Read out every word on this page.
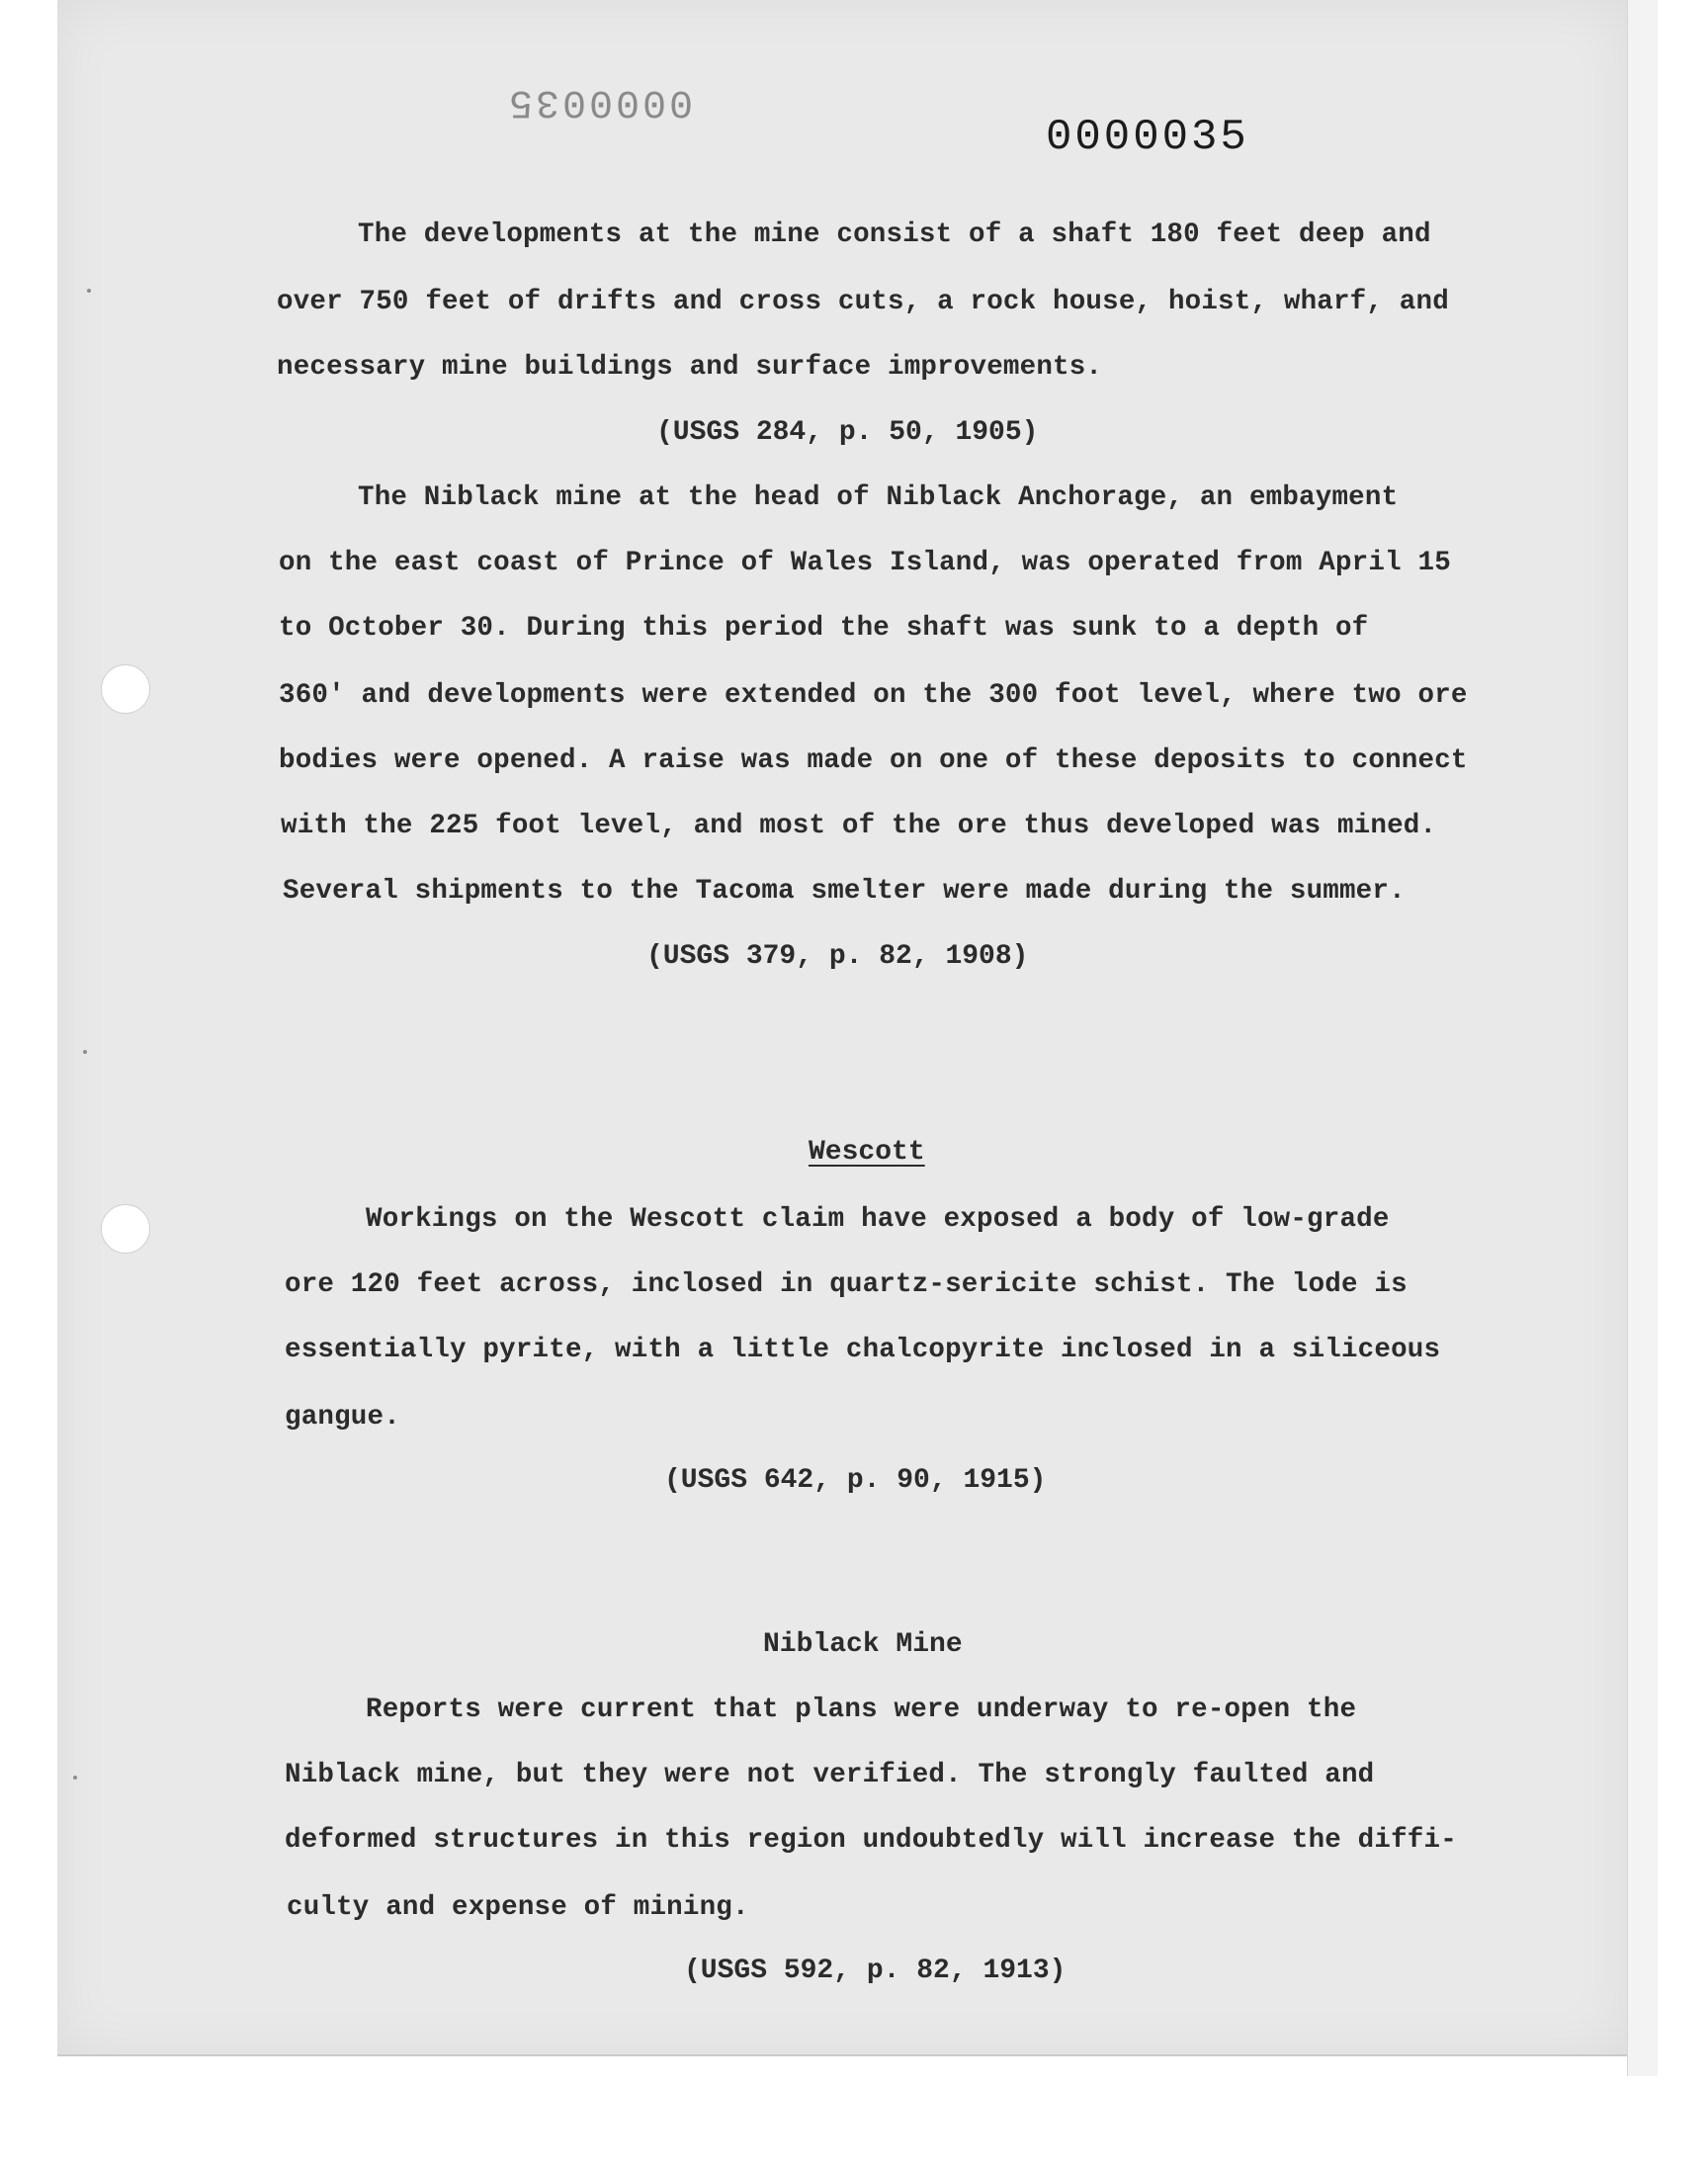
0000035
0000035
The developments at the mine consist of a shaft 180 feet deep and
over 750 feet of drifts and cross cuts, a rock house, hoist, wharf, and
necessary mine buildings and surface improvements.
(USGS 284, p. 50, 1905)
The Niblack mine at the head of Niblack Anchorage, an embayment
on the east coast of Prince of Wales Island, was operated from April 15
to October 30. During this period the shaft was sunk to a depth of
360' and developments were extended on the 300 foot level, where two ore
bodies were opened. A raise was made on one of these deposits to connect
with the 225 foot level, and most of the ore thus developed was mined.
Several shipments to the Tacoma smelter were made during the summer.
(USGS 379, p. 82, 1908)
Wescott
Workings on the Wescott claim have exposed a body of low-grade
ore 120 feet across, inclosed in quartz-sericite schist. The lode is
essentially pyrite, with a little chalcopyrite inclosed in a siliceous
gangue.
(USGS 642, p. 90, 1915)
Niblack Mine
Reports were current that plans were underway to re-open the
Niblack mine, but they were not verified. The strongly faulted and
deformed structures in this region undoubtedly will increase the diffi-
culty and expense of mining.
(USGS 592, p. 82, 1913)
